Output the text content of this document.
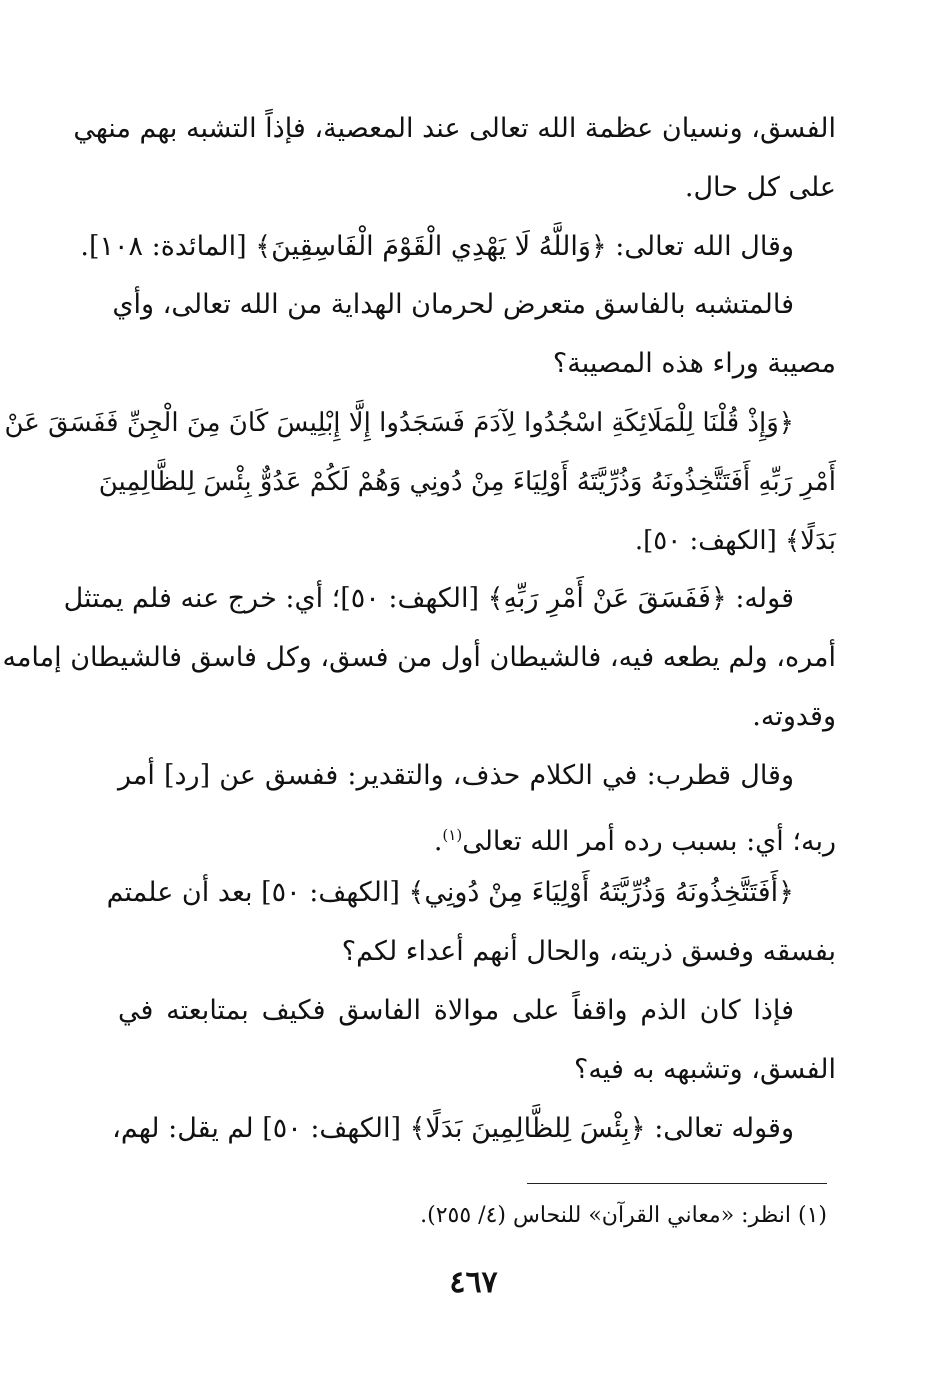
الفسق، ونسيان عظمة الله تعالى عند المعصية، فإذاً التشبه بهم منهي
على كل حال.
وقال الله تعالى: ﴿وَاللَّهُ لَا يَهْدِي الْقَوْمَ الْفَاسِقِينَ﴾ [المائدة: ١٠٨].
فالمتشبه بالفاسق متعرض لحرمان الهداية من الله تعالى، وأي
مصيبة وراء هذه المصيبة؟
﴿وَإِذْ قُلْنَا لِلْمَلَائِكَةِ اسْجُدُوا لِآدَمَ فَسَجَدُوا إِلَّا إِبْلِيسَ كَانَ مِنَ الْجِنِّ فَفَسَقَ عَنْ
أَمْرِ رَبِّهِ أَفَتَتَّخِذُونَهُ وَذُرِّيَّتَهُ أَوْلِيَاءَ مِنْ دُونِي وَهُمْ لَكُمْ عَدُوٌّ بِئْسَ لِلظَّالِمِينَ
بَدَلًا﴾ [الكهف: ٥٠].
قوله: ﴿فَفَسَقَ عَنْ أَمْرِ رَبِّهِ﴾ [الكهف: ٥٠]؛ أي: خرج عنه فلم يمتثل
أمره، ولم يطعه فيه، فالشيطان أول من فسق، وكل فاسق فالشيطان إمامه
وقدوته.
وقال قطرب: في الكلام حذف، والتقدير: ففسق عن [رد] أمر
ربه؛ أي: بسبب رده أمر الله تعالى$^{(١)}$.
﴿أَفَتَتَّخِذُونَهُ وَذُرِّيَّتَهُ أَوْلِيَاءَ مِنْ دُونِي﴾ [الكهف: ٥٠] بعد أن علمتم
بفسقه وفسق ذريته، والحال أنهم أعداء لكم؟
فإذا كان الذم واقفاً على موالاة الفاسق فكيف بمتابعته في
الفسق، وتشبهه به فيه؟
وقوله تعالى: ﴿بِئْسَ لِلظَّالِمِينَ بَدَلًا﴾ [الكهف: ٥٠] لم يقل: لهم،
(١) انظر: «معاني القرآن» للنحاس (٤/ ٢٥٥).
٤٦٧
